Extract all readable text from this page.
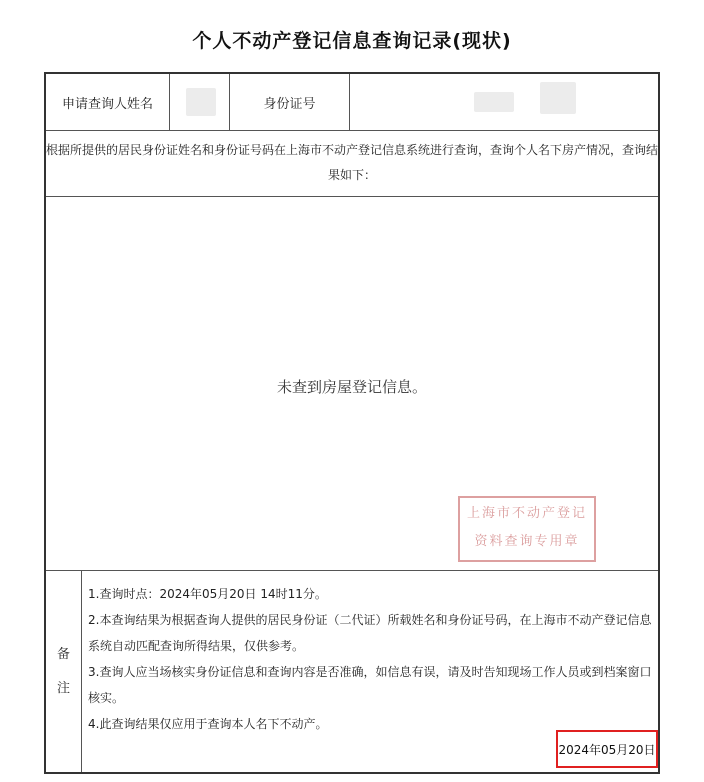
个人不动产登记信息查询记录(现状)
申请查询人姓名	身份证号
根据所提供的居民身份证姓名和身份证号码在上海市不动产登记信息系统进行查询，查询个人名下房产情况，查询结
果如下：
未查到房屋登记信息。
上海市不动产登记
资料查询专用章
备
注

1.查询时点：2024年05月20日 14时11分。

2.本查询结果为根据查询人提供的居民身份证（二代证）所载姓名和身份证号码，在上海市不动产登记信息

系统自动匹配查询所得结果，仅供参考。

3.查询人应当场核实身份证信息和查询内容是否准确，如信息有误，请及时告知现场工作人员或到档案窗口

核实。

4.此查询结果仅应用于查询本人名下不动产。

2024年05月20日
